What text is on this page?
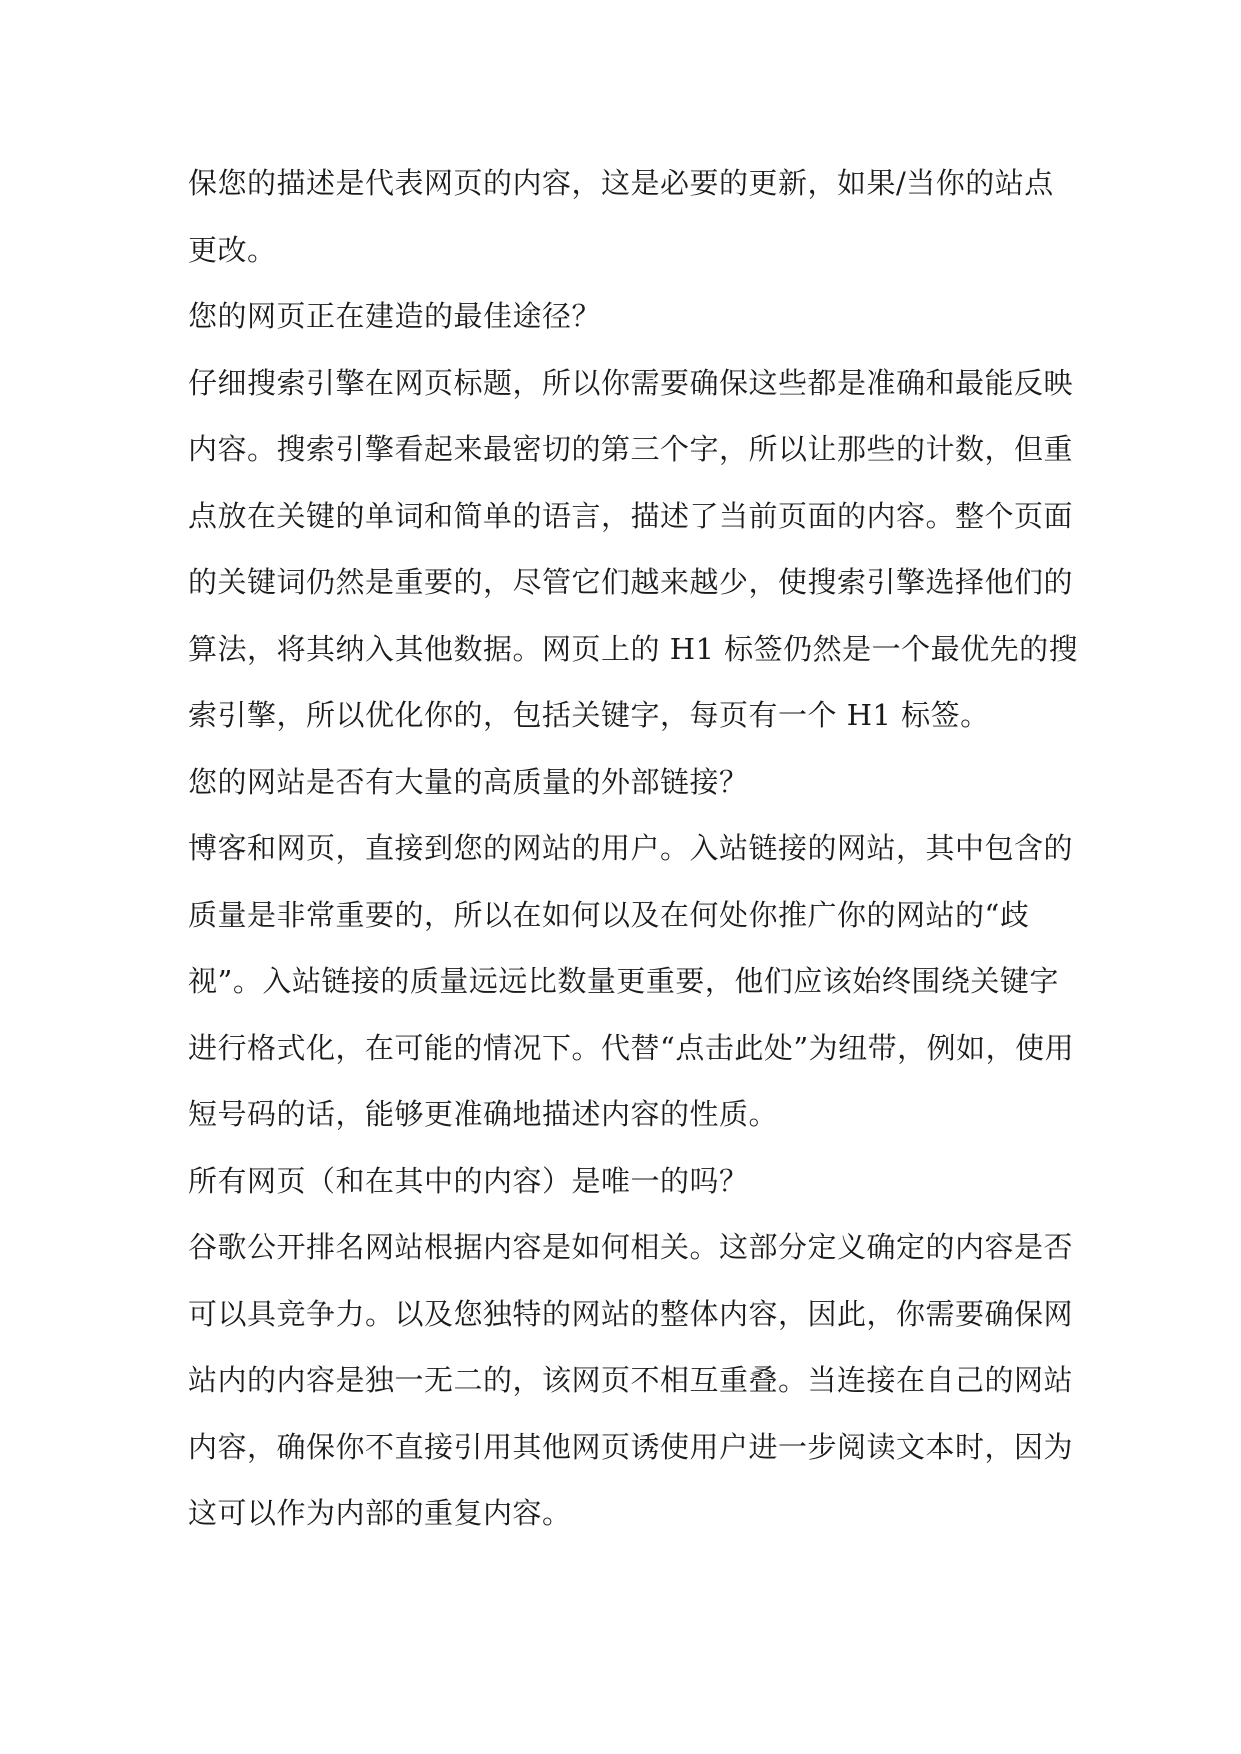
保您的描述是代表网页的内容，这是必要的更新，如果/当你的站点
更改。

您的网页正在建造的最佳途径？

仔细搜索引擎在网页标题，所以你需要确保这些都是准确和最能反映
内容。搜索引擎看起来最密切的第三个字，所以让那些的计数，但重
点放在关键的单词和简单的语言，描述了当前页面的内容。整个页面
的关键词仍然是重要的，尽管它们越来越少，使搜索引擎选择他们的
算法，将其纳入其他数据。网页上的 H1 标签仍然是一个最优先的搜
索引擎，所以优化你的，包括关键字，每页有一个 H1 标签。

您的网站是否有大量的高质量的外部链接？

博客和网页，直接到您的网站的用户。入站链接的网站，其中包含的
质量是非常重要的，所以在如何以及在何处你推广你的网站的“歧
视”。入站链接的质量远远比数量更重要，他们应该始终围绕关键字
进行格式化，在可能的情况下。代替“点击此处”为纽带，例如，使用
短号码的话，能够更准确地描述内容的性质。

所有网页（和在其中的内容）是唯一的吗？

谷歌公开排名网站根据内容是如何相关。这部分定义确定的内容是否
可以具竞争力。以及您独特的网站的整体内容，因此，你需要确保网
站内的内容是独一无二的，该网页不相互重叠。当连接在自己的网站
内容，确保你不直接引用其他网页诱使用户进一步阅读文本时，因为
这可以作为内部的重复内容。
